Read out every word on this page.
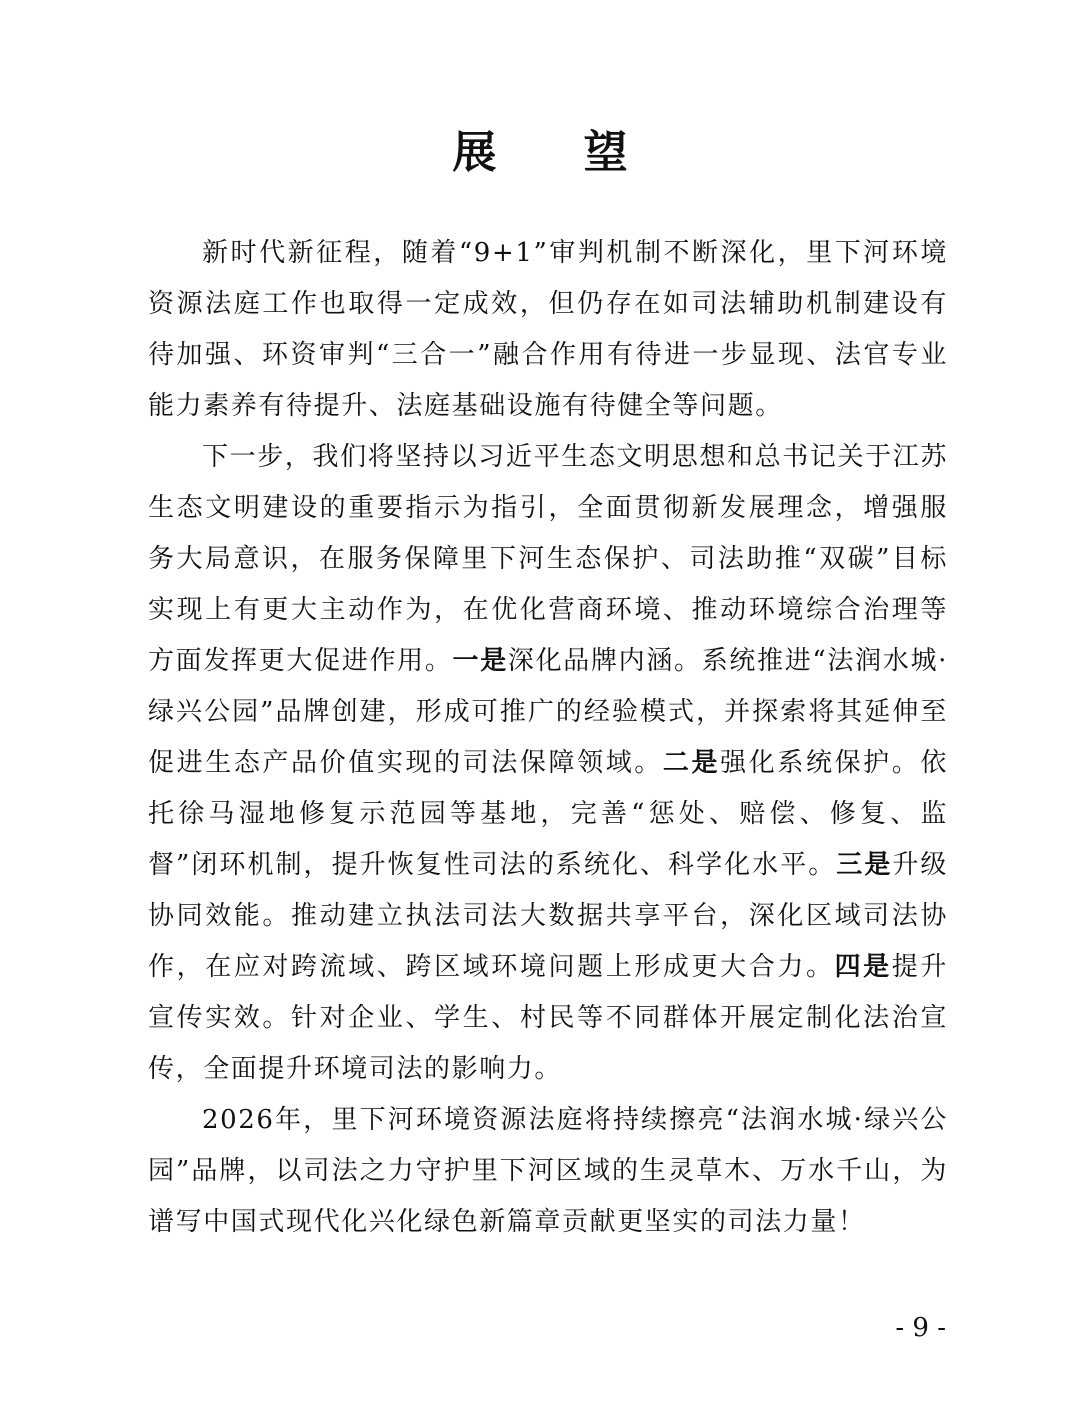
展 望

新时代新征程，随着“9+1”审判机制不断深化，里下河环境资源法庭工作也取得一定成效，但仍存在如司法辅助机制建设有待加强、环资审判“三合一”融合作用有待进一步显现、法官专业能力素养有待提升、法庭基础设施有待健全等问题。

下一步，我们将坚持以习近平生态文明思想和总书记关于江苏生态文明建设的重要指示为指引，全面贯彻新发展理念，增强服务大局意识，在服务保障里下河生态保护、司法助推“双碳”目标实现上有更大主动作为，在优化营商环境、推动环境综合治理等方面发挥更大促进作用。一是深化品牌内涵。系统推进“法润水城·绿兴公园”品牌创建，形成可推广的经验模式，并探索将其延伸至促进生态产品价值实现的司法保障领域。二是强化系统保护。依托徐马湿地修复示范园等基地，完善“惩处、赔偿、修复、监督”闭环机制，提升恢复性司法的系统化、科学化水平。三是升级协同效能。推动建立执法司法大数据共享平台，深化区域司法协作，在应对跨流域、跨区域环境问题上形成更大合力。四是提升宣传实效。针对企业、学生、村民等不同群体开展定制化法治宣传，全面提升环境司法的影响力。

2026年，里下河环境资源法庭将持续擦亮“法润水城·绿兴公园”品牌，以司法之力守护里下河区域的生灵草木、万水千山，为谱写中国式现代化兴化绿色新篇章贡献更坚实的司法力量！

- 9 -
